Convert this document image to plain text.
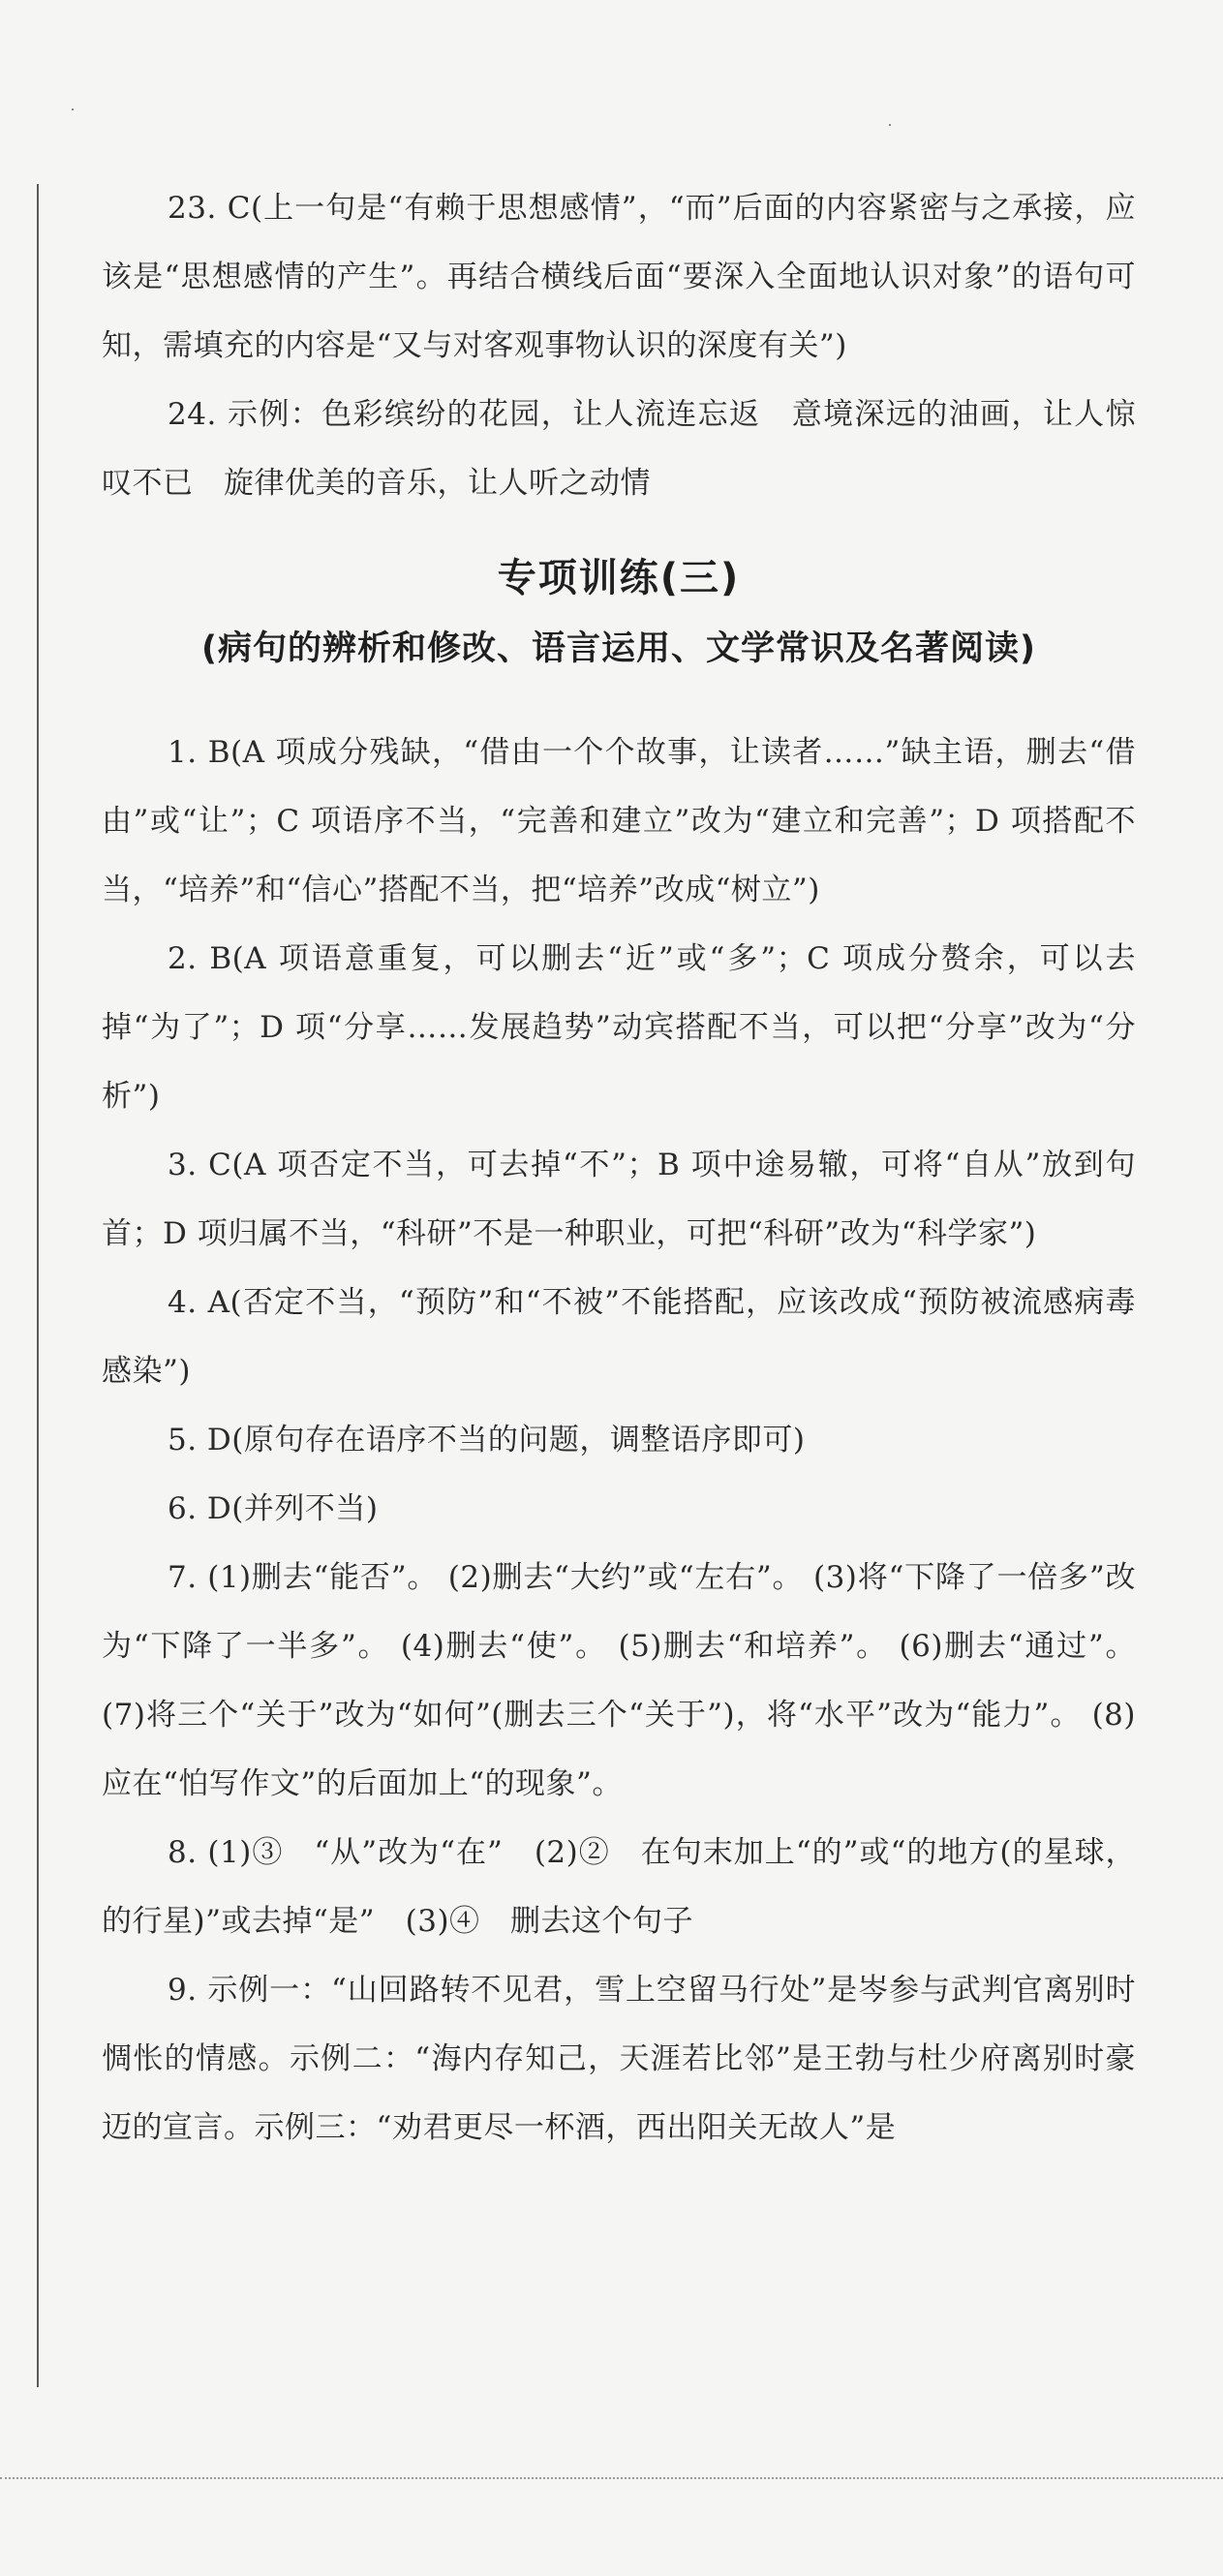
23. C(上一句是“有赖于思想感情”，“而”后面的内容紧密与之承接，应该是“思想感情的产生”。再结合横线后面“要深入全面地认识对象”的语句可知，需填充的内容是“又与对客观事物认识的深度有关”)

24. 示例：色彩缤纷的花园，让人流连忘返　意境深远的油画，让人惊叹不已　旋律优美的音乐，让人听之动情

专项训练(三)
(病句的辨析和修改、语言运用、文学常识及名著阅读)

1. B(A 项成分残缺，“借由一个个故事，让读者……”缺主语，删去“借由”或“让”；C 项语序不当，“完善和建立”改为“建立和完善”；D 项搭配不当，“培养”和“信心”搭配不当，把“培养”改成“树立”)

2. B(A 项语意重复，可以删去“近”或“多”；C 项成分赘余，可以去掉“为了”；D 项“分享……发展趋势”动宾搭配不当，可以把“分享”改为“分析”)

3. C(A 项否定不当，可去掉“不”；B 项中途易辙，可将“自从”放到句首；D 项归属不当，“科研”不是一种职业，可把“科研”改为“科学家”)

4. A(否定不当，“预防”和“不被”不能搭配，应该改成“预防被流感病毒感染”)

5. D(原句存在语序不当的问题，调整语序即可)

6. D(并列不当)

7. (1)删去“能否”。 (2)删去“大约”或“左右”。 (3)将“下降了一倍多”改为“下降了一半多”。 (4)删去“使”。 (5)删去“和培养”。 (6)删去“通过”。 (7)将三个“关于”改为“如何”(删去三个“关于”)，将“水平”改为“能力”。 (8)应在“怕写作文”的后面加上“的现象”。

8. (1)③　“从”改为“在”　(2)②　在句末加上“的”或“的地方(的星球，的行星)”或去掉“是”　(3)④　删去这个句子

9. 示例一：“山回路转不见君，雪上空留马行处”是岑参与武判官离别时惆怅的情感。示例二：“海内存知己，天涯若比邻”是王勃与杜少府离别时豪迈的宣言。示例三：“劝君更尽一杯酒，西出阳关无故人”是
